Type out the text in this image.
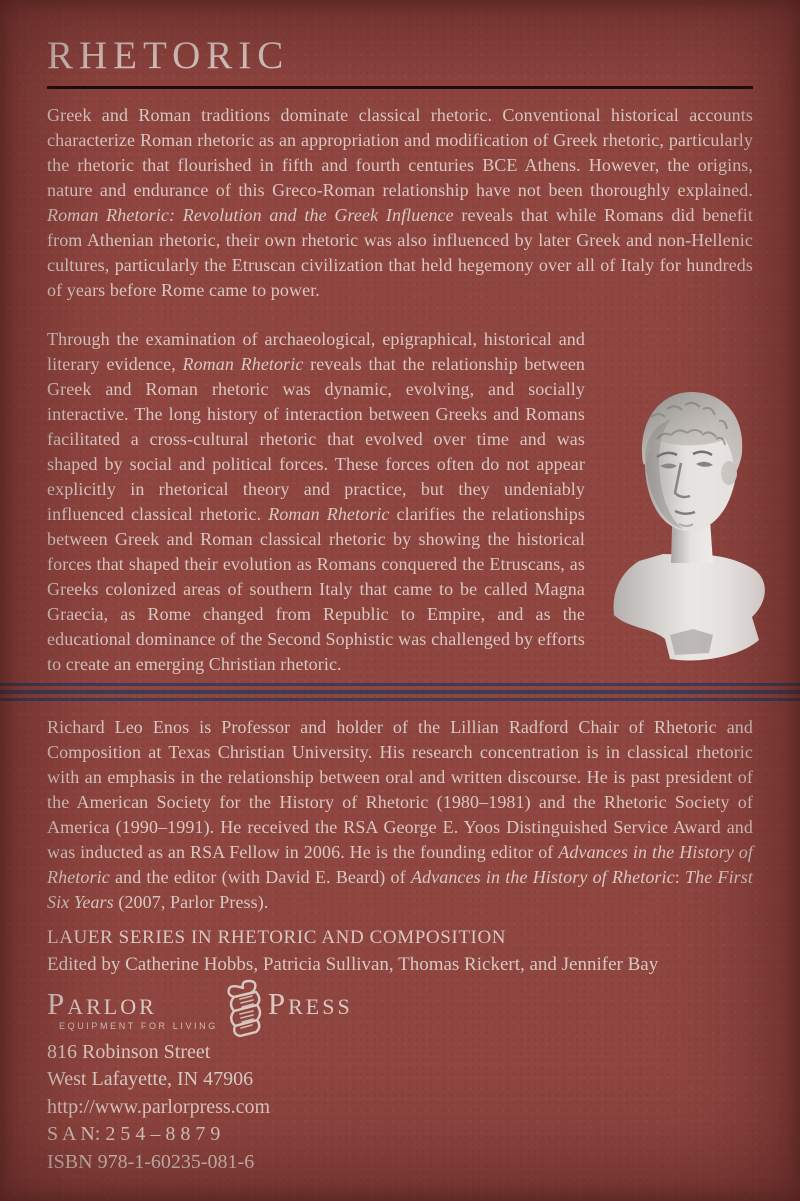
RHETORIC

Greek and Roman traditions dominate classical rhetoric. Conventional historical accounts characterize Roman rhetoric as an appropriation and modification of Greek rhetoric, particularly the rhetoric that flourished in fifth and fourth centuries BCE Athens. However, the origins, nature and endurance of this Greco-Roman relationship have not been thoroughly explained. Roman Rhetoric: Revolution and the Greek Influence reveals that while Romans did benefit from Athenian rhetoric, their own rhetoric was also influenced by later Greek and non-Hellenic cultures, particularly the Etruscan civilization that held hegemony over all of Italy for hundreds of years before Rome came to power.

Through the examination of archaeological, epigraphical, historical and literary evidence, Roman Rhetoric reveals that the relationship between Greek and Roman rhetoric was dynamic, evolving, and socially interactive. The long history of interaction between Greeks and Romans facilitated a cross-cultural rhetoric that evolved over time and was shaped by social and political forces. These forces often do not appear explicitly in rhetorical theory and practice, but they undeniably influenced classical rhetoric. Roman Rhetoric clarifies the relationships between Greek and Roman classical rhetoric by showing the historical forces that shaped their evolution as Romans conquered the Etruscans, as Greeks colonized areas of southern Italy that came to be called Magna Graecia, as Rome changed from Republic to Empire, and as the educational dominance of the Second Sophistic was challenged by efforts to create an emerging Christian rhetoric.

Richard Leo Enos is Professor and holder of the Lillian Radford Chair of Rhetoric and Composition at Texas Christian University. His research concentration is in classical rhetoric with an emphasis in the relationship between oral and written discourse. He is past president of the American Society for the History of Rhetoric (1980–1981) and the Rhetoric Society of America (1990–1991). He received the RSA George E. Yoos Distinguished Service Award and was inducted as an RSA Fellow in 2006. He is the founding editor of Advances in the History of Rhetoric and the editor (with David E. Beard) of Advances in the History of Rhetoric: The First Six Years (2007, Parlor Press).

LAUER SERIES IN RHETORIC AND COMPOSITION
Edited by Catherine Hobbs, Patricia Sullivan, Thomas Rickert, and Jennifer Bay
Parlor
EQUIPMENT FOR LIVING
Press
816 Robinson Street
West Lafayette, IN 47906
http://www.parlorpress.com
S A N: 2 5 4 – 8 8 7 9
ISBN 978-1-60235-081-6
